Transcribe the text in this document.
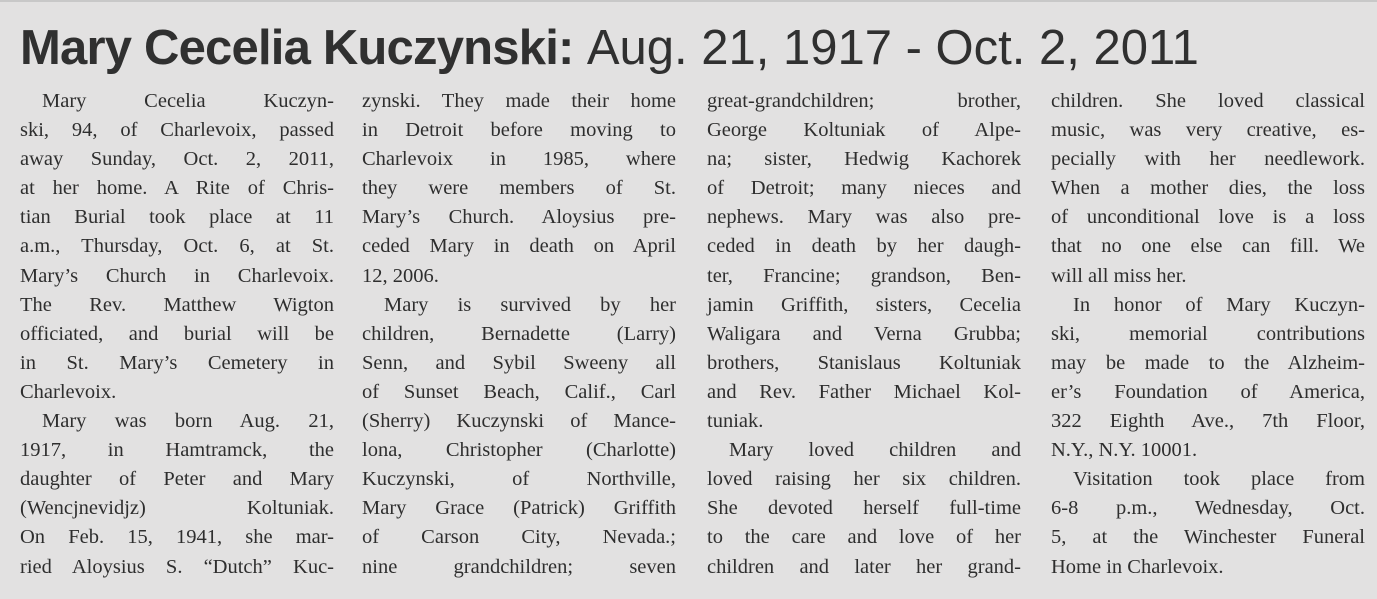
Mary Cecelia Kuczynski: Aug. 21, 1917 - Oct. 2, 2011
Mary Cecelia Kuczyn-
ski, 94, of Charlevoix, passed
away Sunday, Oct. 2, 2011,
at her home. A Rite of Chris-
tian Burial took place at 11
a.m., Thursday, Oct. 6, at St.
Mary’s Church in Charlevoix.
The Rev. Matthew Wigton
officiated, and burial will be
in St. Mary’s Cemetery in
Charlevoix.
Mary was born Aug. 21,
1917, in Hamtramck, the
daughter of Peter and Mary
(Wencjnevidjz) Koltuniak.
On Feb. 15, 1941, she mar-
ried Aloysius S. “Dutch” Kuc-
zynski. They made their home
in Detroit before moving to
Charlevoix in 1985, where
they were members of St.
Mary’s Church. Aloysius pre-
ceded Mary in death on April
12, 2006.
Mary is survived by her
children, Bernadette (Larry)
Senn, and Sybil Sweeny all
of Sunset Beach, Calif., Carl
(Sherry) Kuczynski of Mance-
lona, Christopher (Charlotte)
Kuczynski, of Northville,
Mary Grace (Patrick) Griffith
of Carson City, Nevada.;
nine grandchildren; seven
great-grandchildren; brother,
George Koltuniak of Alpe-
na; sister, Hedwig Kachorek
of Detroit; many nieces and
nephews. Mary was also pre-
ceded in death by her daugh-
ter, Francine; grandson, Ben-
jamin Griffith, sisters, Cecelia
Waligara and Verna Grubba;
brothers, Stanislaus Koltuniak
and Rev. Father Michael Kol-
tuniak.
Mary loved children and
loved raising her six children.
She devoted herself full-time
to the care and love of her
children and later her grand-
children. She loved classical
music, was very creative, es-
pecially with her needlework.
When a mother dies, the loss
of unconditional love is a loss
that no one else can fill. We
will all miss her.
In honor of Mary Kuczyn-
ski, memorial contributions
may be made to the Alzheim-
er’s Foundation of America,
322 Eighth Ave., 7th Floor,
N.Y., N.Y. 10001.
Visitation took place from
6-8 p.m., Wednesday, Oct.
5, at the Winchester Funeral
Home in Charlevoix.
